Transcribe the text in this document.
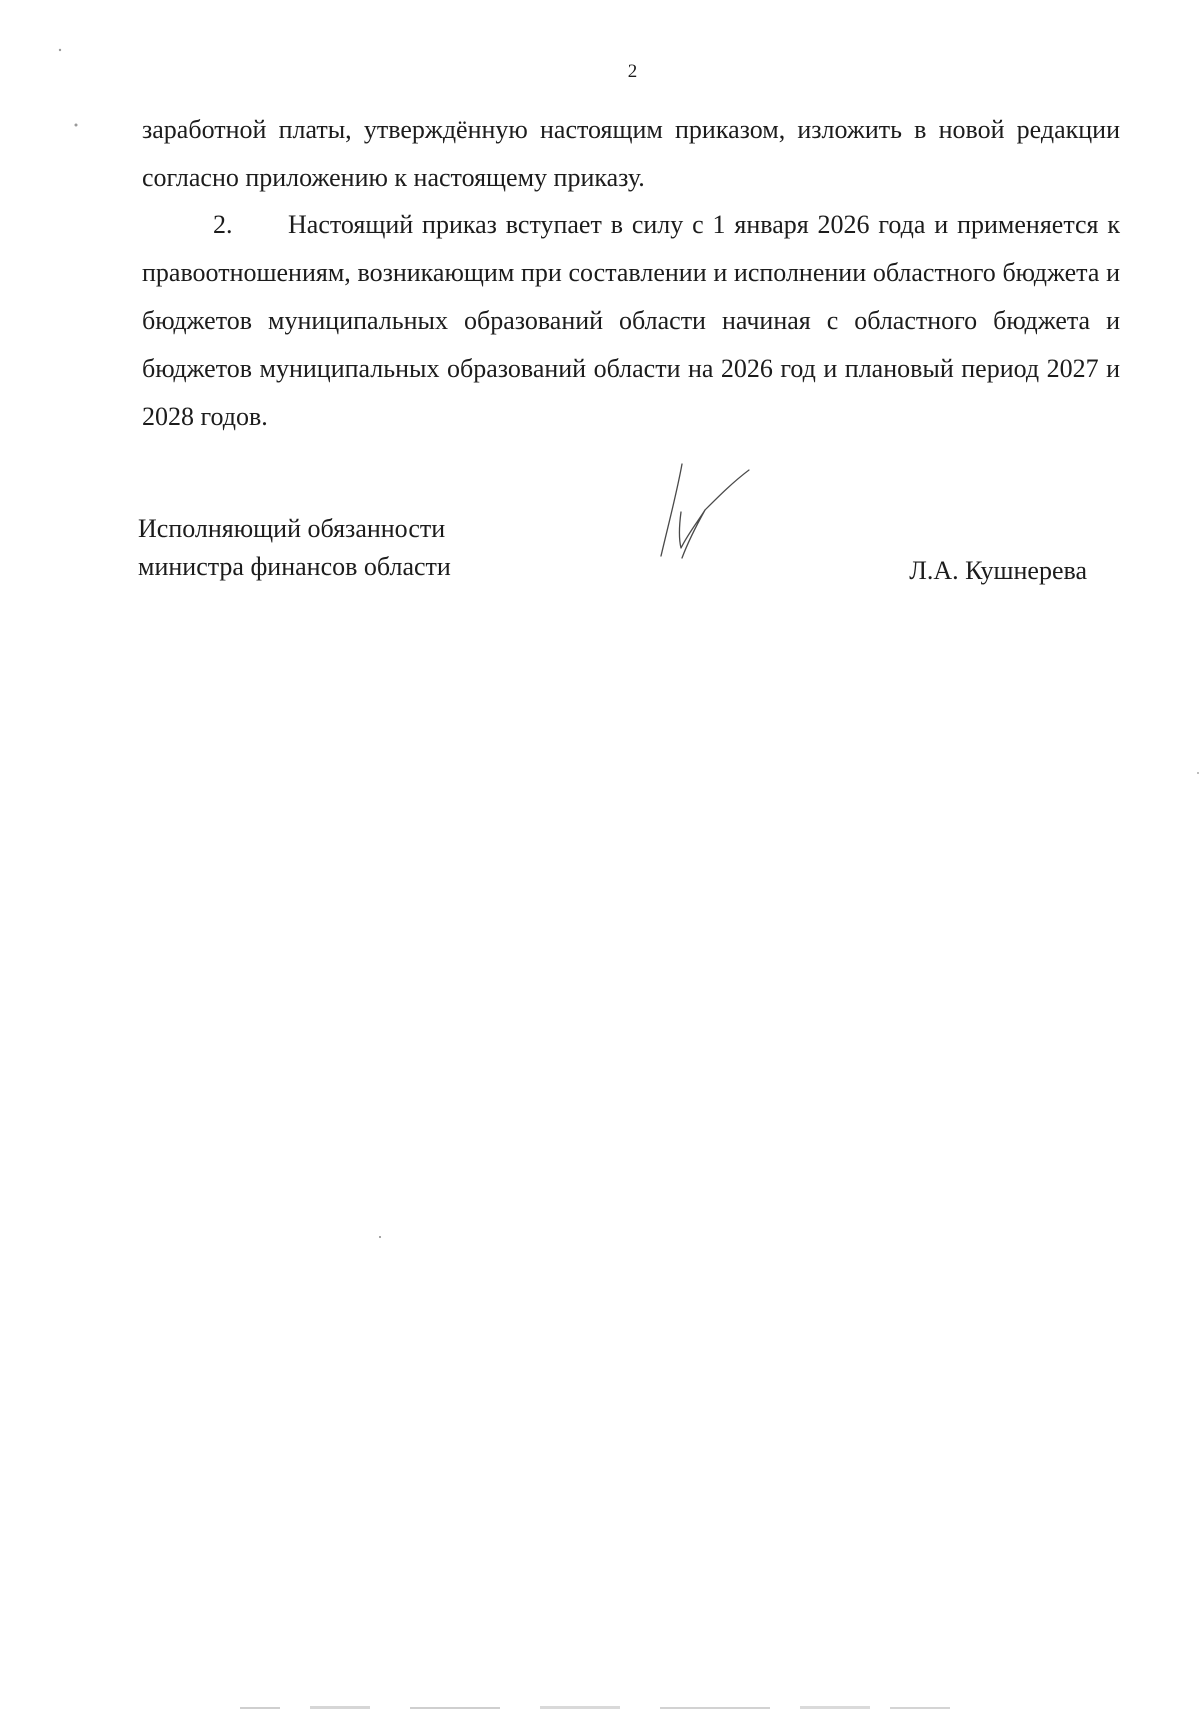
2

заработной платы, утверждённую настоящим приказом, изложить в новой редакции согласно приложению к настоящему приказу.

2. Настоящий приказ вступает в силу с 1 января 2026 года и применяется к правоотношениям, возникающим при составлении и исполнении областного бюджета и бюджетов муниципальных образований области начиная с областного бюджета и бюджетов муниципальных образований области на 2026 год и плановый период 2027 и 2028 годов.

Исполняющий обязанности
министра финансов области	Л.А. Кушнерева
